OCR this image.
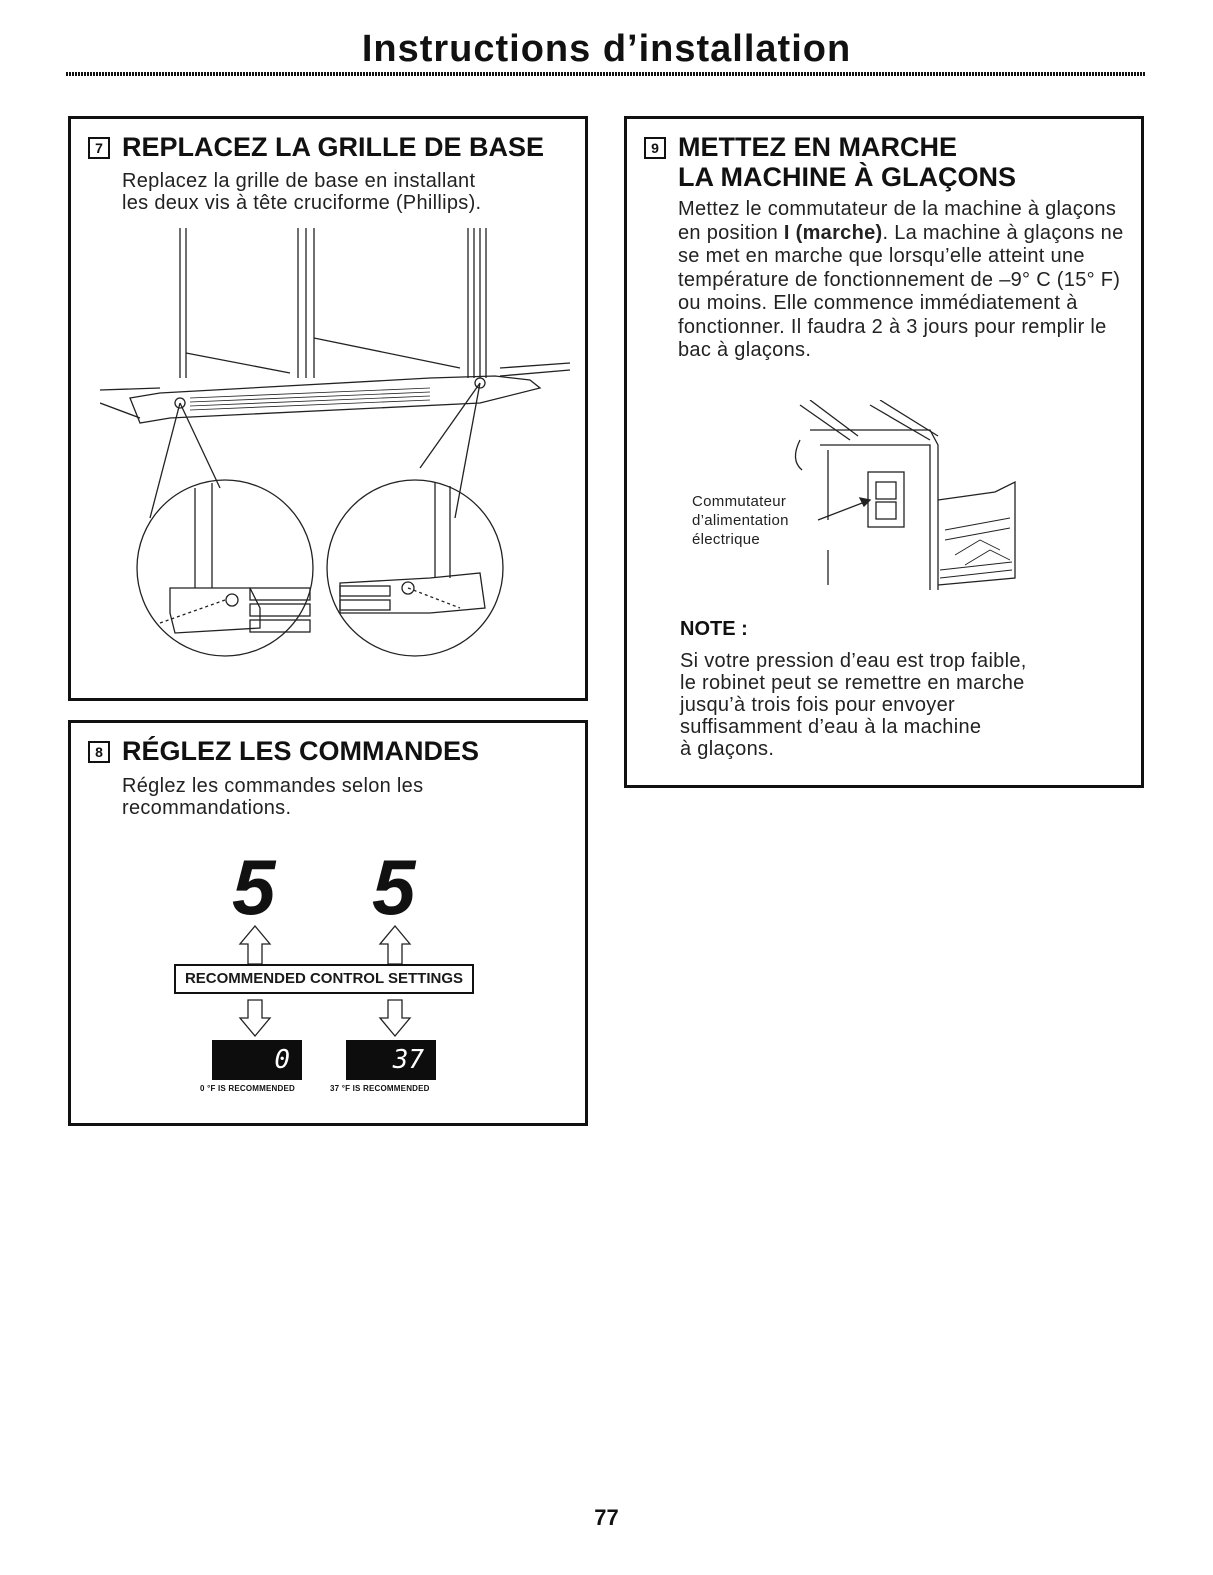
Instructions d’installation
7 REPLACEZ LA GRILLE DE BASE

Replacez la grille de base en installant

les deux vis à tête cruciforme (Phillips).

8 RÉGLEZ LES COMMANDES

Réglez les commandes selon les

recommandations.

5 5
RECOMMENDED CONTROL SETTINGS
0	37
0 °F IS RECOMMENDED	37 °F IS RECOMMENDED
9 METTEZ EN MARCHE
LA MACHINE À GLAÇONS
Mettez le commutateur de la machine à glaçons en position I (marche). La machine à glaçons ne se met en marche que lorsqu’elle atteint une température de fonctionnement de –9° C (15° F) ou moins. Elle commence immédiatement à fonctionner. Il faudra 2 à 3 jours pour remplir le bac à glaçons.
Commutateur
d’alimentation
électrique
NOTE :

Si votre pression d’eau est trop faible,

le robinet peut se remettre en marche

jusqu’à trois fois pour envoyer

suffisamment d’eau à la machine

à glaçons.

77
